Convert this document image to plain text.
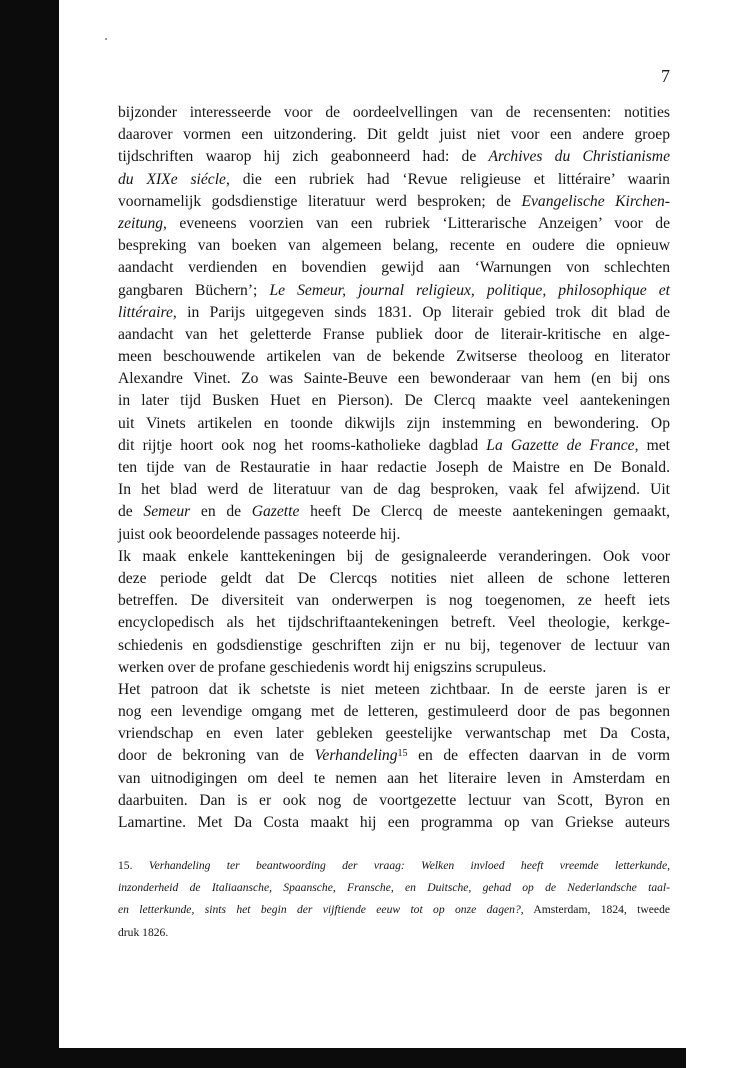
7
bijzonder interesseerde voor de oordeelvellingen van de recensenten: notities
daarover vormen een uitzondering. Dit geldt juist niet voor een andere groep
tijdschriften waarop hij zich geabonneerd had: de Archives du Christianisme
du XIXe siécle, die een rubriek had ‘Revue religieuse et littéraire’ waarin
voornamelijk godsdienstige literatuur werd besproken; de Evangelische Kirchen-
zeitung, eveneens voorzien van een rubriek ‘Litterarische Anzeigen’ voor de
bespreking van boeken van algemeen belang, recente en oudere die opnieuw
aandacht verdienden en bovendien gewijd aan ‘Warnungen von schlechten
gangbaren Büchern’; Le Semeur, journal religieux, politique, philosophique et
littéraire, in Parijs uitgegeven sinds 1831. Op literair gebied trok dit blad de
aandacht van het geletterde Franse publiek door de literair-kritische en alge-
meen beschouwende artikelen van de bekende Zwitserse theoloog en literator
Alexandre Vinet. Zo was Sainte-Beuve een bewonderaar van hem (en bij ons
in later tijd Busken Huet en Pierson). De Clercq maakte veel aantekeningen
uit Vinets artikelen en toonde dikwijls zijn instemming en bewondering. Op
dit rijtje hoort ook nog het rooms-katholieke dagblad La Gazette de France, met
ten tijde van de Restauratie in haar redactie Joseph de Maistre en De Bonald.
In het blad werd de literatuur van de dag besproken, vaak fel afwijzend. Uit
de Semeur en de Gazette heeft De Clercq de meeste aantekeningen gemaakt,
juist ook beoordelende passages noteerde hij.
Ik maak enkele kanttekeningen bij de gesignaleerde veranderingen. Ook voor
deze periode geldt dat De Clercqs notities niet alleen de schone letteren
betreffen. De diversiteit van onderwerpen is nog toegenomen, ze heeft iets
encyclopedisch als het tijdschriftaantekeningen betreft. Veel theologie, kerkge-
schiedenis en godsdienstige geschriften zijn er nu bij, tegenover de lectuur van
werken over de profane geschiedenis wordt hij enigszins scrupuleus.
Het patroon dat ik schetste is niet meteen zichtbaar. In de eerste jaren is er
nog een levendige omgang met de letteren, gestimuleerd door de pas begonnen
vriendschap en even later gebleken geestelijke verwantschap met Da Costa,
door de bekroning van de Verhandeling$^{15}$ en de effecten daarvan in de vorm
van uitnodigingen om deel te nemen aan het literaire leven in Amsterdam en
daarbuiten. Dan is er ook nog de voortgezette lectuur van Scott, Byron en
Lamartine. Met Da Costa maakt hij een programma op van Griekse auteurs
15. Verhandeling ter beantwoording der vraag: Welken invloed heeft vreemde letterkunde,
inzonderheid de Italiaansche, Spaansche, Fransche, en Duitsche, gehad op de Nederlandsche taal-
en letterkunde, sints het begin der vijftiende eeuw tot op onze dagen?, Amsterdam, 1824, tweede
druk 1826.
